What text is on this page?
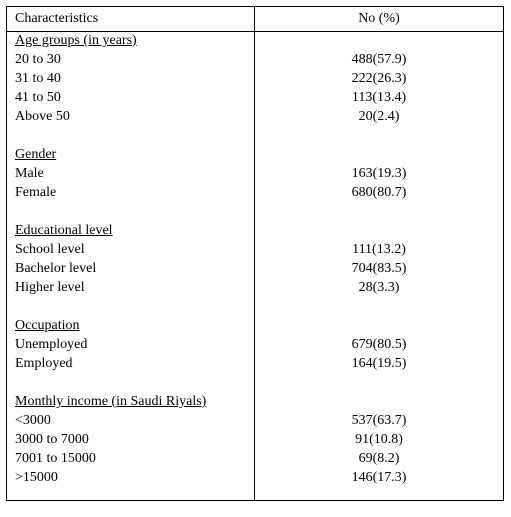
Characteristics	No (%)
Age groups (in years)
20 to 30	488(57.9)
31 to 40	222(26.3)
41 to 50	113(13.4)
Above 50	20(2.4)
Gender
Male	163(19.3)
Female	680(80.7)
Educational level
School level	111(13.2)
Bachelor level	704(83.5)
Higher level	28(3.3)
Occupation
Unemployed	679(80.5)
Employed	164(19.5)
Monthly income (in Saudi Riyals)
<3000	537(63.7)
3000 to 7000	91(10.8)
7001 to 15000	69(8.2)
>15000	146(17.3)
